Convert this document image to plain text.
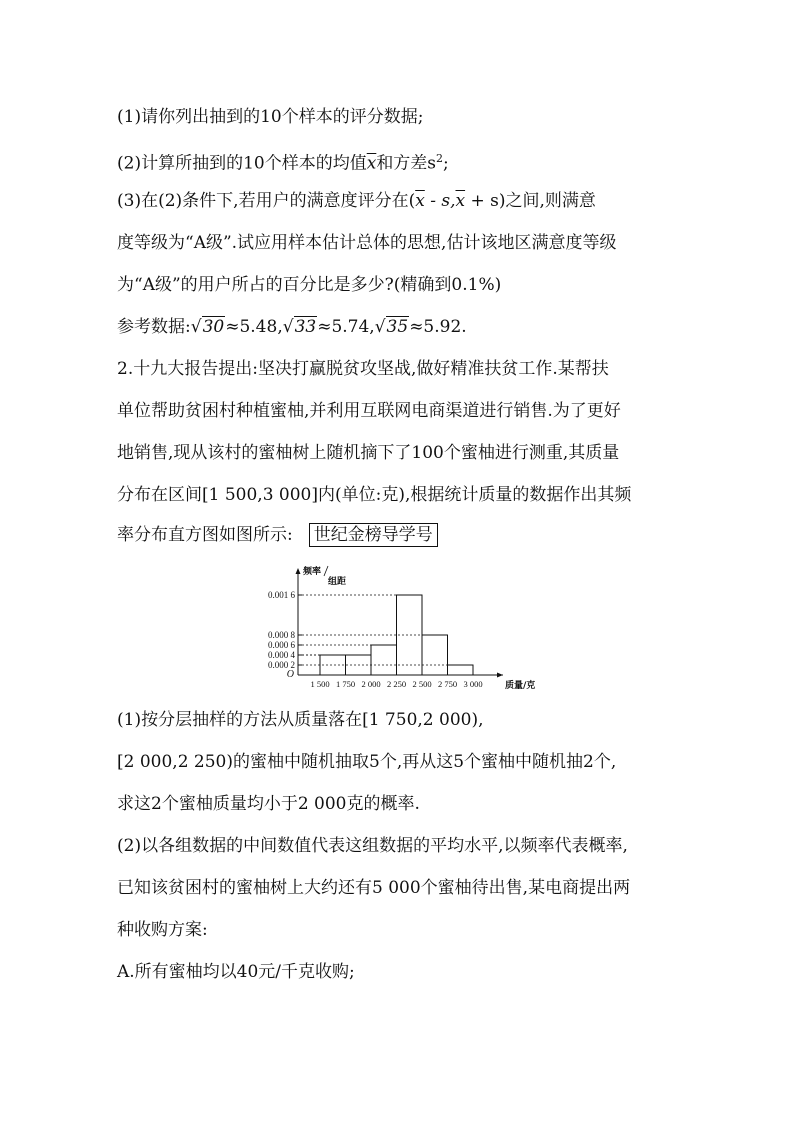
(1)请你列出抽到的10个样本的评分数据;
(2)计算所抽到的10个样本的均值$\overline{x}$和方差$s^2$;
(3)在(2)条件下,若用户的满意度评分在$(\overline{x} - s,\overline{x} + s)$之间,则满意
度等级为“A级”.试应用样本估计总体的思想,估计该地区满意度等级
为“A级”的用户所占的百分比是多少?(精确到0.1%)
参考数据:√30≈5.48,√33≈5.74,√35≈5.92.
2.十九大报告提出:坚决打赢脱贫攻坚战,做好精准扶贫工作.某帮扶
单位帮助贫困村种植蜜柚,并利用互联网电商渠道进行销售.为了更好
地销售,现从该村的蜜柚树上随机摘下了100个蜜柚进行测重,其质量
分布在区间[1 500,3 000]内(单位:克),根据统计质量的数据作出其频
率分布直方图如图所示: 世纪金榜导学号
频率
组距
O
0.000 2
0.000 4
0.000 6
0.000 8
0.001 6
1 500 1 750 2 000 2 250 2 500 2 750 3 000 质量/克
(1)按分层抽样的方法从质量落在[1 750,2 000),
[2 000,2 250)的蜜柚中随机抽取5个,再从这5个蜜柚中随机抽2个,
求这2个蜜柚质量均小于2 000克的概率.
(2)以各组数据的中间数值代表这组数据的平均水平,以频率代表概率,
已知该贫困村的蜜柚树上大约还有5 000个蜜柚待出售,某电商提出两
种收购方案:
A.所有蜜柚均以40元/千克收购;
